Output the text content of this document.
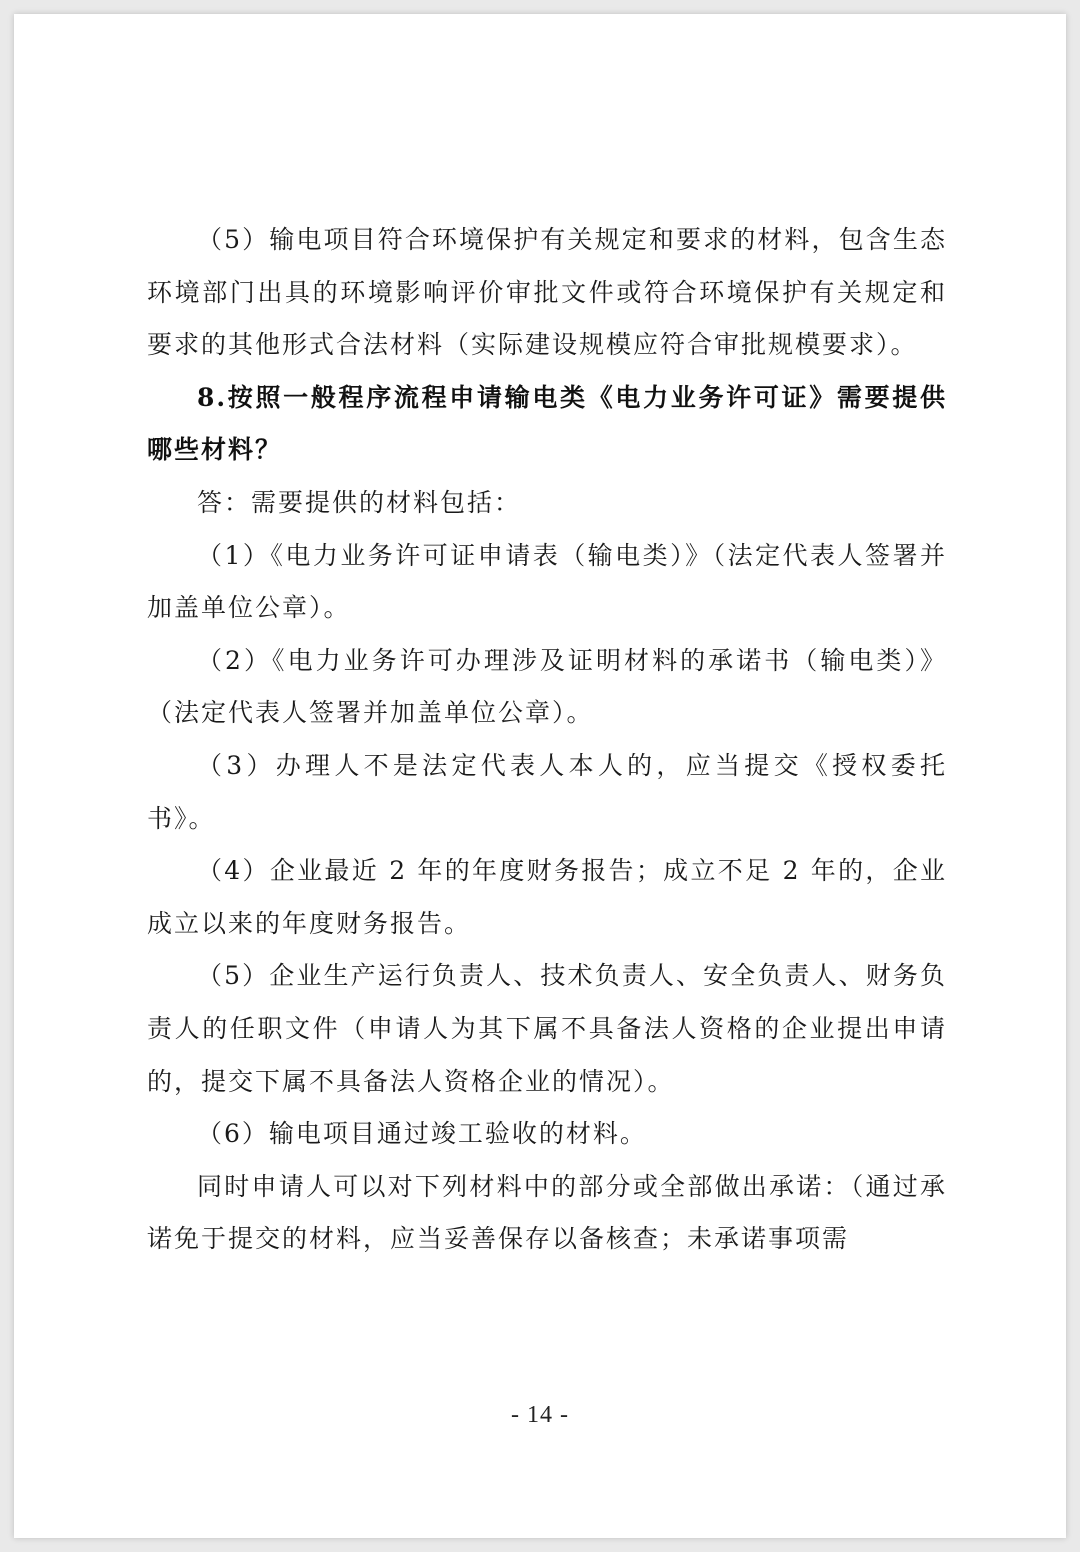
（5）输电项目符合环境保护有关规定和要求的材料，包含生态环境部门出具的环境影响评价审批文件或符合环境保护有关规定和要求的其他形式合法材料（实际建设规模应符合审批规模要求）。

8.按照一般程序流程申请输电类《电力业务许可证》需要提供哪些材料？

答：需要提供的材料包括：

（1）《电力业务许可证申请表（输电类）》（法定代表人签署并加盖单位公章）。

（2）《电力业务许可办理涉及证明材料的承诺书（输电类）》（法定代表人签署并加盖单位公章）。

（3）办理人不是法定代表人本人的，应当提交《授权委托书》。

（4）企业最近 2 年的年度财务报告；成立不足 2 年的，企业成立以来的年度财务报告。

（5）企业生产运行负责人、技术负责人、安全负责人、财务负责人的任职文件（申请人为其下属不具备法人资格的企业提出申请的，提交下属不具备法人资格企业的情况）。

（6）输电项目通过竣工验收的材料。

同时申请人可以对下列材料中的部分或全部做出承诺：（通过承诺免于提交的材料，应当妥善保存以备核查；未承诺事项需

- 14 -
